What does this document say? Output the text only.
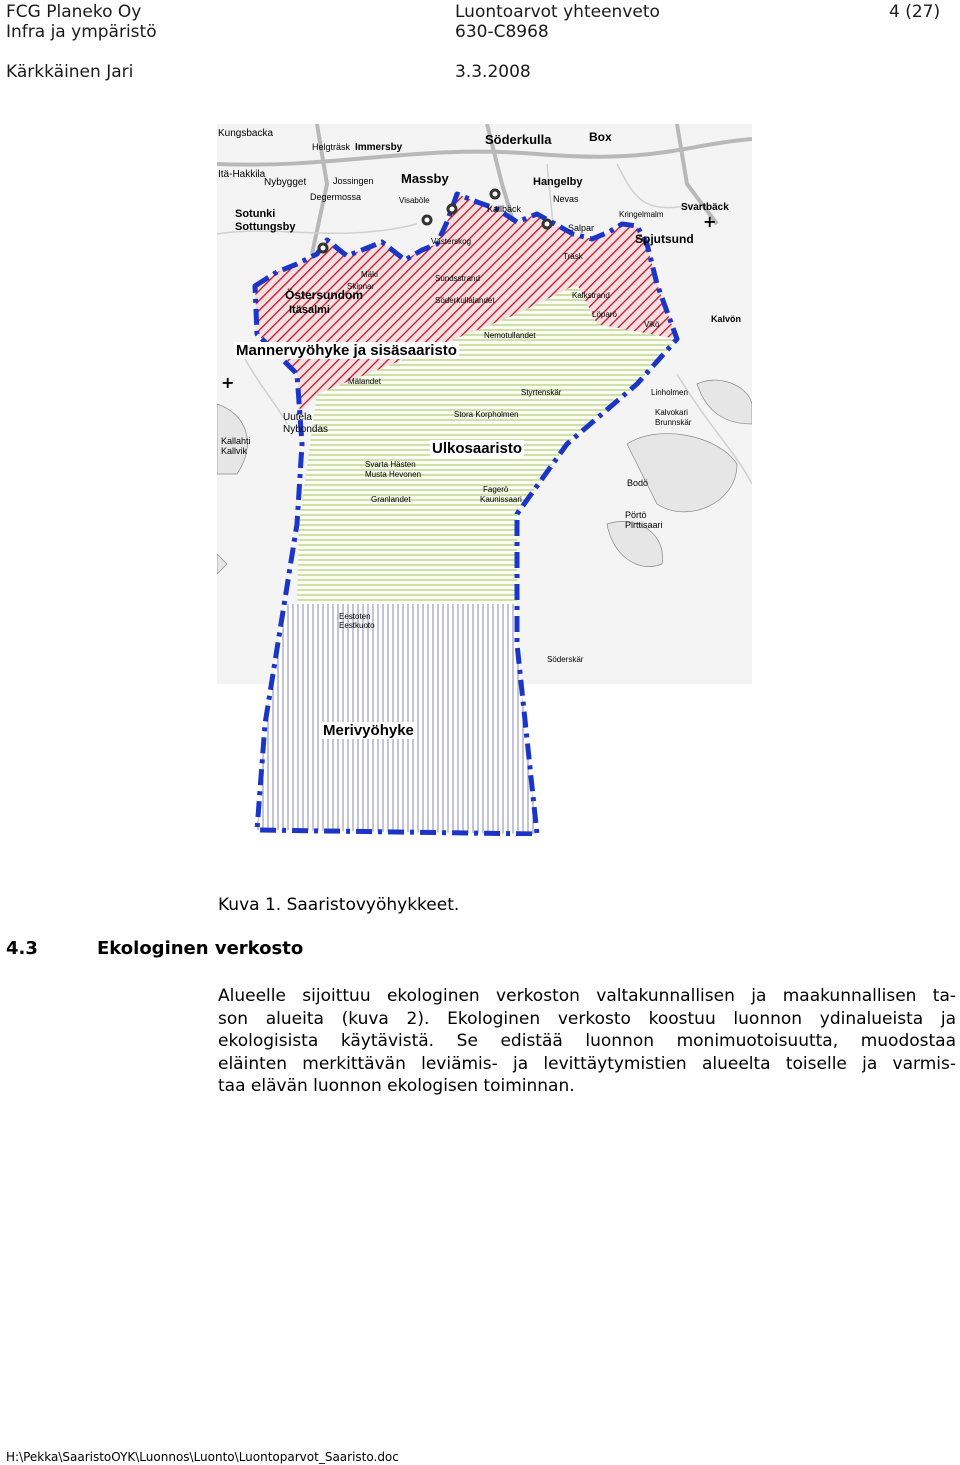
FCG Planeko Oy
Infra ja ympäristö
Kärkkäinen Jari
Luontoarvot yhteenveto
630-C8968
3.3.2008
4 (27)
+
+
Mannervyöhyke ja sisäsaaristo
Ulkosaaristo
Merivyöhyke
Kungsbacka
Helgträsk Immersby
Söderkulla	Box
Itä-Hakkila
Nybygget	Jossingen Massby	Hangelby
Degermossa	Visaböle
Kallbäck
Nevas
Kringelmalm
Svartbäck
Sotunki
Sottungsby
Västerskog
Salpar
Spjutsund
Mäki
Skinnar
Sundsstrand
Träsk
Östersundom
Itäsalmi
Söderkullalandet
Kalkstrand
Löparö	Kalvön
Vikö
Nemotullandet
Mälandet
Styrtenskär	Linholmen
Uutela
Nybondas
Kallahti
Kallvik
Stora Korpholmen	Kalvokari
Brunnskär
Svarta Hästen
Musta Hevonen
Bodö
Granlandet
Fagerö
Kaunissaari
Pörtö
Pirttisaari
Eestoten
Eestkuoto
Söderskär
Kuva 1. Saaristovyöhykkeet.
4.3	Ekologinen verkosto

Alueelle sijoittuu ekologinen verkoston valtakunnallisen ja maakunnallisen ta-

son alueita (kuva 2). Ekologinen verkosto koostuu luonnon ydinalueista ja

ekologisista käytävistä. Se edistää luonnon monimuotoisuutta, muodostaa

eläinten merkittävän leviämis- ja levittäytymistien alueelta toiselle ja varmis-

taa elävän luonnon ekologisen toiminnan.

H:\Pekka\SaaristoOYK\Luonnos\Luonto\Luontoparvot_Saaristo.doc
